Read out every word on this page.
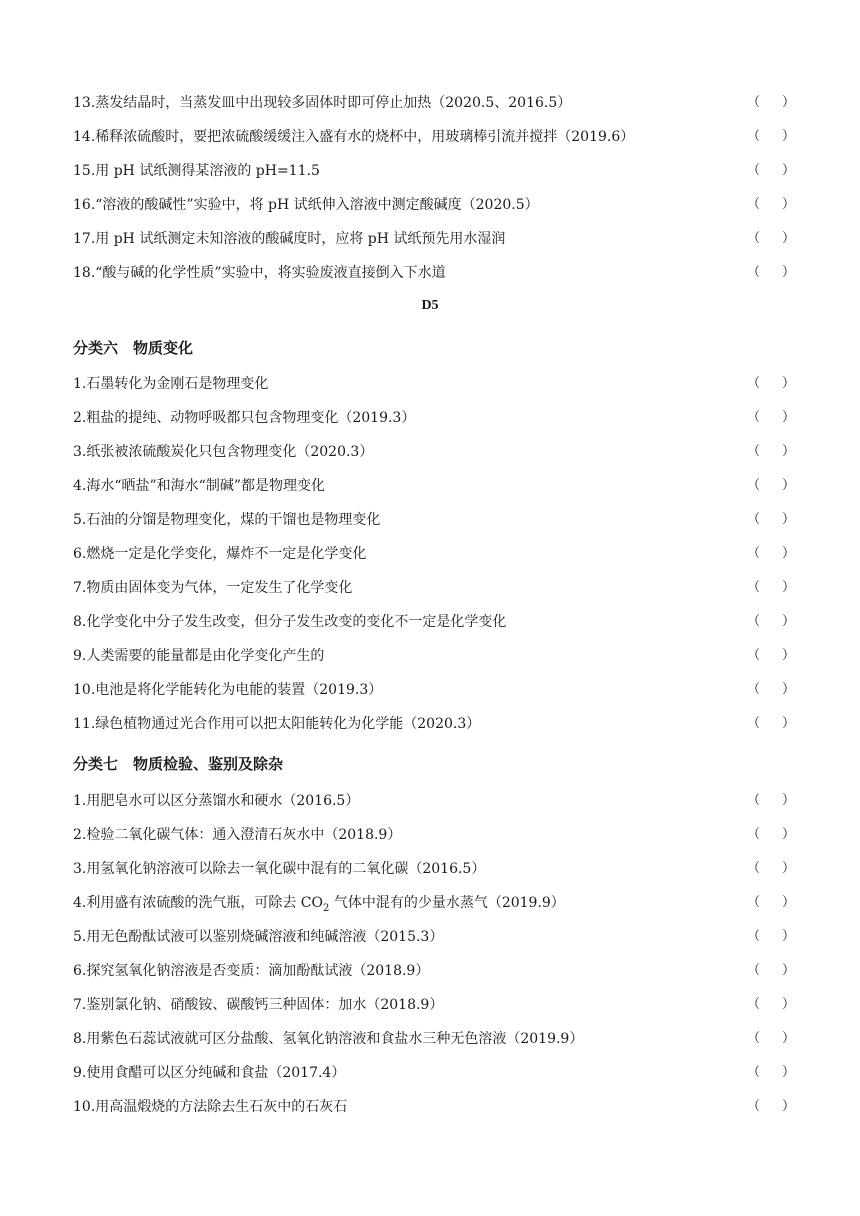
13.蒸发结晶时，当蒸发皿中出现较多固体时即可停止加热（2020.5、2016.5）	（ ）
14.稀释浓硫酸时，要把浓硫酸缓缓注入盛有水的烧杯中，用玻璃棒引流并搅拌（2019.6）	（ ）
15.用 pH 试纸测得某溶液的 pH=11.5	（ ）
16.“溶液的酸碱性”实验中，将 pH 试纸伸入溶液中测定酸碱度（2020.5）	（ ）
17.用 pH 试纸测定未知溶液的酸碱度时，应将 pH 试纸预先用水湿润	（ ）
18.“酸与碱的化学性质”实验中，将实验废液直接倒入下水道	（ ）
D5
分类六　物质变化
1.石墨转化为金刚石是物理变化	（ ）
2.粗盐的提纯、动物呼吸都只包含物理变化（2019.3）	（ ）
3.纸张被浓硫酸炭化只包含物理变化（2020.3）	（ ）
4.海水“晒盐”和海水“制碱”都是物理变化	（ ）
5.石油的分馏是物理变化，煤的干馏也是物理变化	（ ）
6.燃烧一定是化学变化，爆炸不一定是化学变化	（ ）
7.物质由固体变为气体，一定发生了化学变化	（ ）
8.化学变化中分子发生改变，但分子发生改变的变化不一定是化学变化	（ ）
9.人类需要的能量都是由化学变化产生的	（ ）
10.电池是将化学能转化为电能的装置（2019.3）	（ ）
11.绿色植物通过光合作用可以把太阳能转化为化学能（2020.3）	（ ）
分类七　物质检验、鉴别及除杂
1.用肥皂水可以区分蒸馏水和硬水（2016.5）	（ ）
2.检验二氧化碳气体：通入澄清石灰水中（2018.9）	（ ）
3.用氢氧化钠溶液可以除去一氧化碳中混有的二氧化碳（2016.5）	（ ）
4.利用盛有浓硫酸的洗气瓶，可除去 $CO_2$ 气体中混有的少量水蒸气（2019.9）	（ ）
5.用无色酚酞试液可以鉴别烧碱溶液和纯碱溶液（2015.3）	（ ）
6.探究氢氧化钠溶液是否变质：滴加酚酞试液（2018.9）	（ ）
7.鉴别氯化钠、硝酸铵、碳酸钙三种固体：加水（2018.9）	（ ）
8.用紫色石蕊试液就可区分盐酸、氢氧化钠溶液和食盐水三种无色溶液（2019.9）	（ ）
9.使用食醋可以区分纯碱和食盐（2017.4）	（ ）
10.用高温煅烧的方法除去生石灰中的石灰石	（ ）
